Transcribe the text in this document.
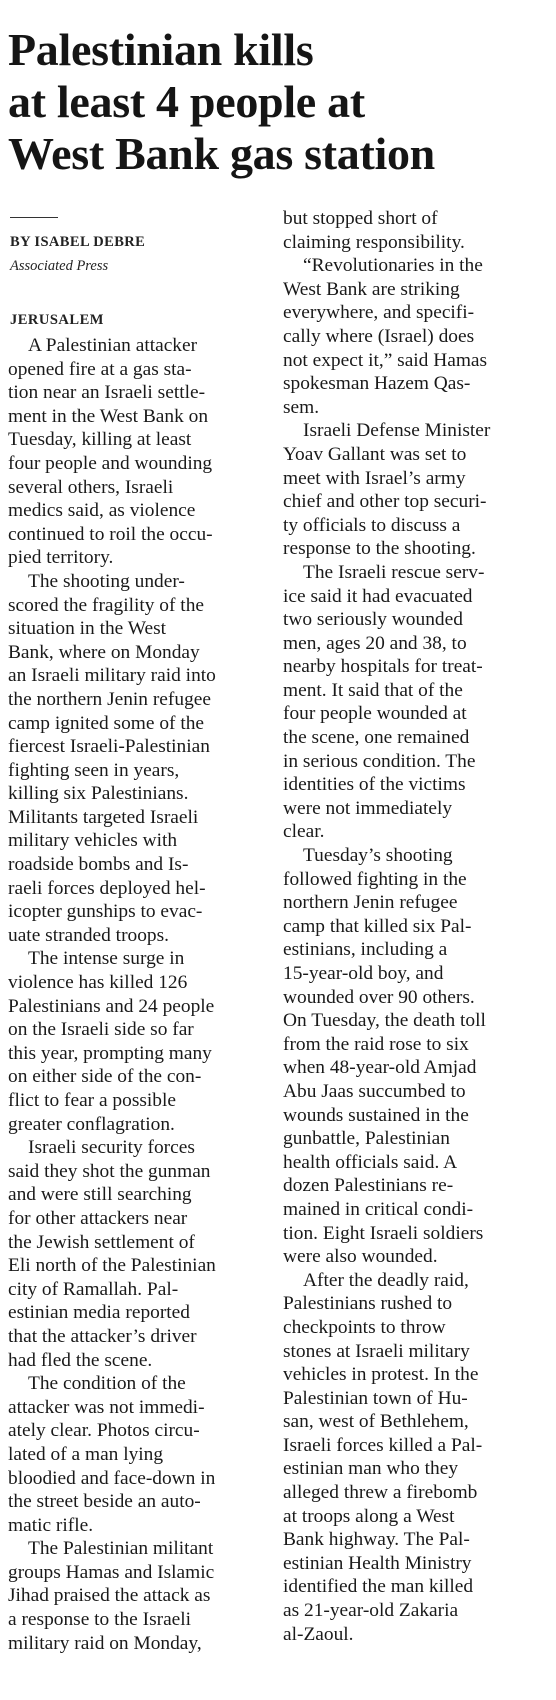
Palestinian kills
at least 4 people at
West Bank gas station
BY ISABEL DEBRE
Associated Press
JERUSALEM
A Palestinian attacker
opened fire at a gas sta-
tion near an Israeli settle-
ment in the West Bank on
Tuesday, killing at least
four people and wounding
several others, Israeli
medics said, as violence
continued to roil the occu-
pied territory.
The shooting under-
scored the fragility of the
situation in the West
Bank, where on Monday
an Israeli military raid into
the northern Jenin refugee
camp ignited some of the
fiercest Israeli-Palestinian
fighting seen in years,
killing six Palestinians.
Militants targeted Israeli
military vehicles with
roadside bombs and Is-
raeli forces deployed hel-
icopter gunships to evac-
uate stranded troops.
The intense surge in
violence has killed 126
Palestinians and 24 people
on the Israeli side so far
this year, prompting many
on either side of the con-
flict to fear a possible
greater conflagration.
Israeli security forces
said they shot the gunman
and were still searching
for other attackers near
the Jewish settlement of
Eli north of the Palestinian
city of Ramallah. Pal-
estinian media reported
that the attacker’s driver
had fled the scene.
The condition of the
attacker was not immedi-
ately clear. Photos circu-
lated of a man lying
bloodied and face-down in
the street beside an auto-
matic rifle.
The Palestinian militant
groups Hamas and Islamic
Jihad praised the attack as
a response to the Israeli
military raid on Monday,
but stopped short of
claiming responsibility.
“Revolutionaries in the
West Bank are striking
everywhere, and specifi-
cally where (Israel) does
not expect it,” said Hamas
spokesman Hazem Qas-
sem.
Israeli Defense Minister
Yoav Gallant was set to
meet with Israel’s army
chief and other top securi-
ty officials to discuss a
response to the shooting.
The Israeli rescue serv-
ice said it had evacuated
two seriously wounded
men, ages 20 and 38, to
nearby hospitals for treat-
ment. It said that of the
four people wounded at
the scene, one remained
in serious condition. The
identities of the victims
were not immediately
clear.
Tuesday’s shooting
followed fighting in the
northern Jenin refugee
camp that killed six Pal-
estinians, including a
15-year-old boy, and
wounded over 90 others.
On Tuesday, the death toll
from the raid rose to six
when 48-year-old Amjad
Abu Jaas succumbed to
wounds sustained in the
gunbattle, Palestinian
health officials said. A
dozen Palestinians re-
mained in critical condi-
tion. Eight Israeli soldiers
were also wounded.
After the deadly raid,
Palestinians rushed to
checkpoints to throw
stones at Israeli military
vehicles in protest. In the
Palestinian town of Hu-
san, west of Bethlehem,
Israeli forces killed a Pal-
estinian man who they
alleged threw a firebomb
at troops along a West
Bank highway. The Pal-
estinian Health Ministry
identified the man killed
as 21-year-old Zakaria
al-Zaoul.
